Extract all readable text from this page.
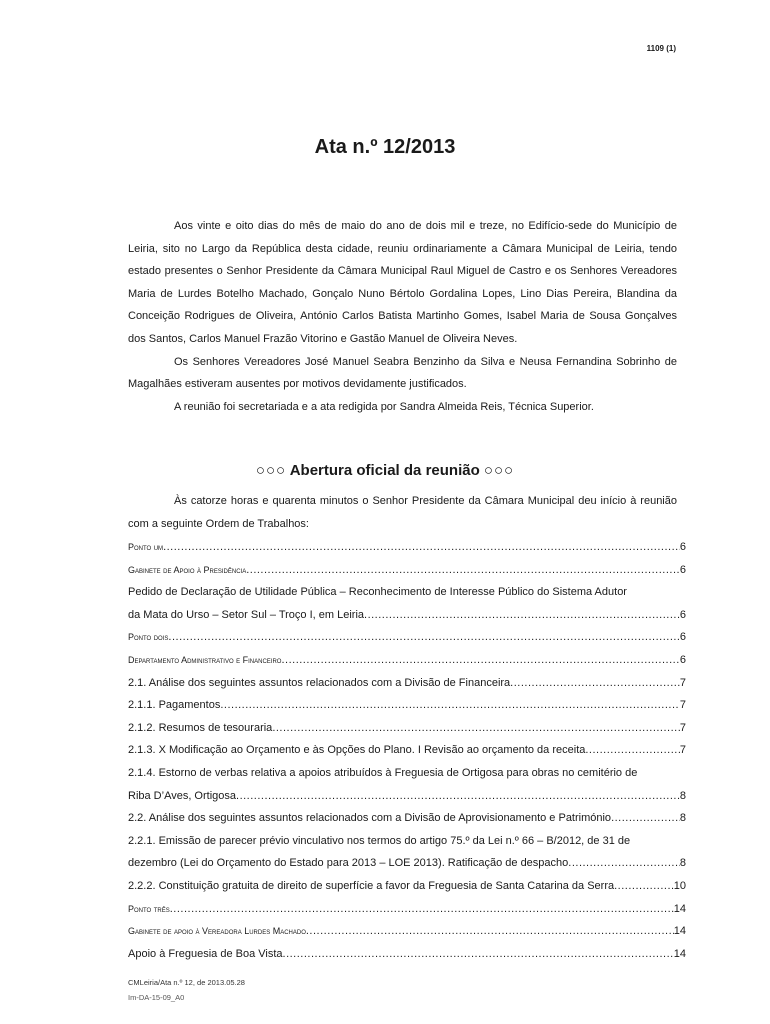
1109 (1)
Ata n.º 12/2013

Aos vinte e oito dias do mês de maio do ano de dois mil e treze, no Edifício-sede do Município de Leiria, sito no Largo da República desta cidade, reuniu ordinariamente a Câmara Municipal de Leiria, tendo estado presentes o Senhor Presidente da Câmara Municipal Raul Miguel de Castro e os Senhores Vereadores Maria de Lurdes Botelho Machado, Gonçalo Nuno Bértolo Gordalina Lopes, Lino Dias Pereira, Blandina da Conceição Rodrigues de Oliveira, António Carlos Batista Martinho Gomes, Isabel Maria de Sousa Gonçalves dos Santos, Carlos Manuel Frazão Vitorino e Gastão Manuel de Oliveira Neves.

Os Senhores Vereadores José Manuel Seabra Benzinho da Silva e Neusa Fernandina Sobrinho de Magalhães estiveram ausentes por motivos devidamente justificados.

A reunião foi secretariada e a ata redigida por Sandra Almeida Reis, Técnica Superior.

○○○ Abertura oficial da reunião ○○○

Às catorze horas e quarenta minutos o Senhor Presidente da Câmara Municipal deu início à reunião com a seguinte Ordem de Trabalhos:

Ponto um .....	6
Gabinete de Apoio à Presidência .....	6
Pedido de Declaração de Utilidade Pública – Reconhecimento de Interesse Público do Sistema Adutor
da Mata do Urso – Setor Sul – Troço I, em Leiria .....	6
Ponto dois .....	6
Departamento Administrativo e Financeiro .....	6
2.1. Análise dos seguintes assuntos relacionados com a Divisão de Financeira .....	7
2.1.1. Pagamentos .....	7
2.1.2. Resumos de tesouraria .....	7
2.1.3. X Modificação ao Orçamento e às Opções do Plano. I Revisão ao orçamento da receita .....	7
2.1.4. Estorno de verbas relativa a apoios atribuídos à Freguesia de Ortigosa para obras no cemitério de
Riba D’Aves, Ortigosa .....	8
2.2. Análise dos seguintes assuntos relacionados com a Divisão de Aprovisionamento e Património .....	8
2.2.1. Emissão de parecer prévio vinculativo nos termos do artigo 75.º da Lei n.º 66 – B/2012, de 31 de
dezembro (Lei do Orçamento do Estado para 2013 – LOE 2013). Ratificação de despacho .....	8
2.2.2. Constituição gratuita de direito de superfície a favor da Freguesia de Santa Catarina da Serra .....	10
Ponto três .....	14
Gabinete de apoio à Vereadora Lurdes Machado .....	14
Apoio à Freguesia de Boa Vista .....	14
CMLeiria/Ata n.º 12, de 2013.05.28
Im-DA-15-09_A0
